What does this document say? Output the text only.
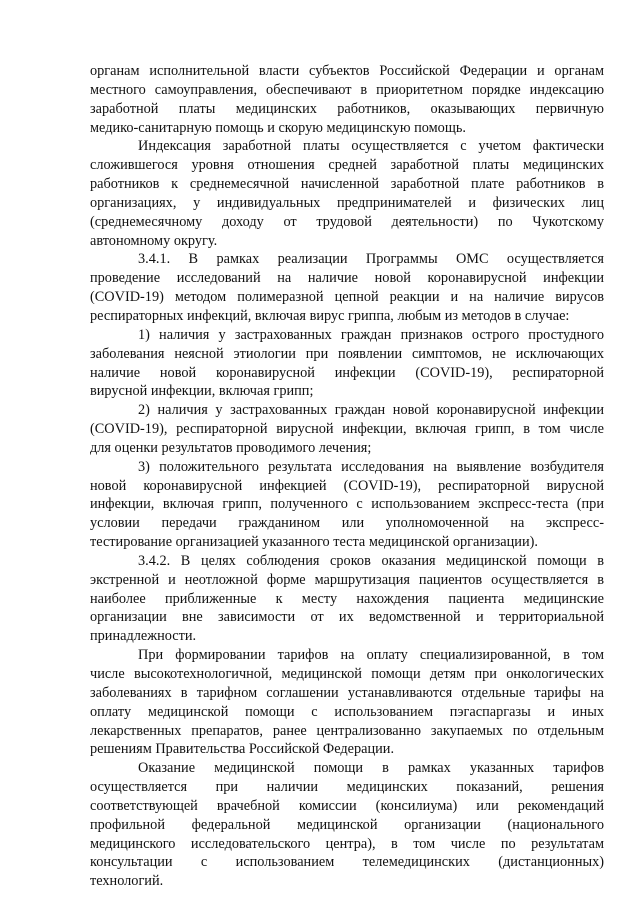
органам исполнительной власти субъектов Российской Федерации и органам
местного самоуправления, обеспечивают в приоритетном порядке индексацию
заработной платы медицинских работников, оказывающих первичную
медико-санитарную помощь и скорую медицинскую помощь.
Индексация заработной платы осуществляется с учетом фактически
сложившегося уровня отношения средней заработной платы медицинских
работников к среднемесячной начисленной заработной плате работников в
организациях, у индивидуальных предпринимателей и физических лиц
(среднемесячному доходу от трудовой деятельности) по Чукотскому
автономному округу.
3.4.1. В рамках реализации Программы ОМС осуществляется
проведение исследований на наличие новой коронавирусной инфекции
(COVID-19) методом полимеразной цепной реакции и на наличие вирусов
респираторных инфекций, включая вирус гриппа, любым из методов в случае:
1) наличия у застрахованных граждан признаков острого простудного
заболевания неясной этиологии при появлении симптомов, не исключающих
наличие новой коронавирусной инфекции (COVID-19), респираторной
вирусной инфекции, включая грипп;
2) наличия у застрахованных граждан новой коронавирусной инфекции
(COVID-19), респираторной вирусной инфекции, включая грипп, в том числе
для оценки результатов проводимого лечения;
3) положительного результата исследования на выявление возбудителя
новой коронавирусной инфекцией (COVID-19), респираторной вирусной
инфекции, включая грипп, полученного с использованием экспресс-теста (при
условии передачи гражданином или уполномоченной на экспресс-
тестирование организацией указанного теста медицинской организации).
3.4.2. В целях соблюдения сроков оказания медицинской помощи в
экстренной и неотложной форме маршрутизация пациентов осуществляется в
наиболее приближенные к месту нахождения пациента медицинские
организации вне зависимости от их ведомственной и территориальной
принадлежности.
При формировании тарифов на оплату специализированной, в том
числе высокотехнологичной, медицинской помощи детям при онкологических
заболеваниях в тарифном соглашении устанавливаются отдельные тарифы на
оплату медицинской помощи с использованием пэгаспаргазы и иных
лекарственных препаратов, ранее централизованно закупаемых по отдельным
решениям Правительства Российской Федерации.
Оказание медицинской помощи в рамках указанных тарифов
осуществляется при наличии медицинских показаний, решения
соответствующей врачебной комиссии (консилиума) или рекомендаций
профильной федеральной медицинской организации (национального
медицинского исследовательского центра), в том числе по результатам
консультации с использованием телемедицинских (дистанционных)
технологий.
